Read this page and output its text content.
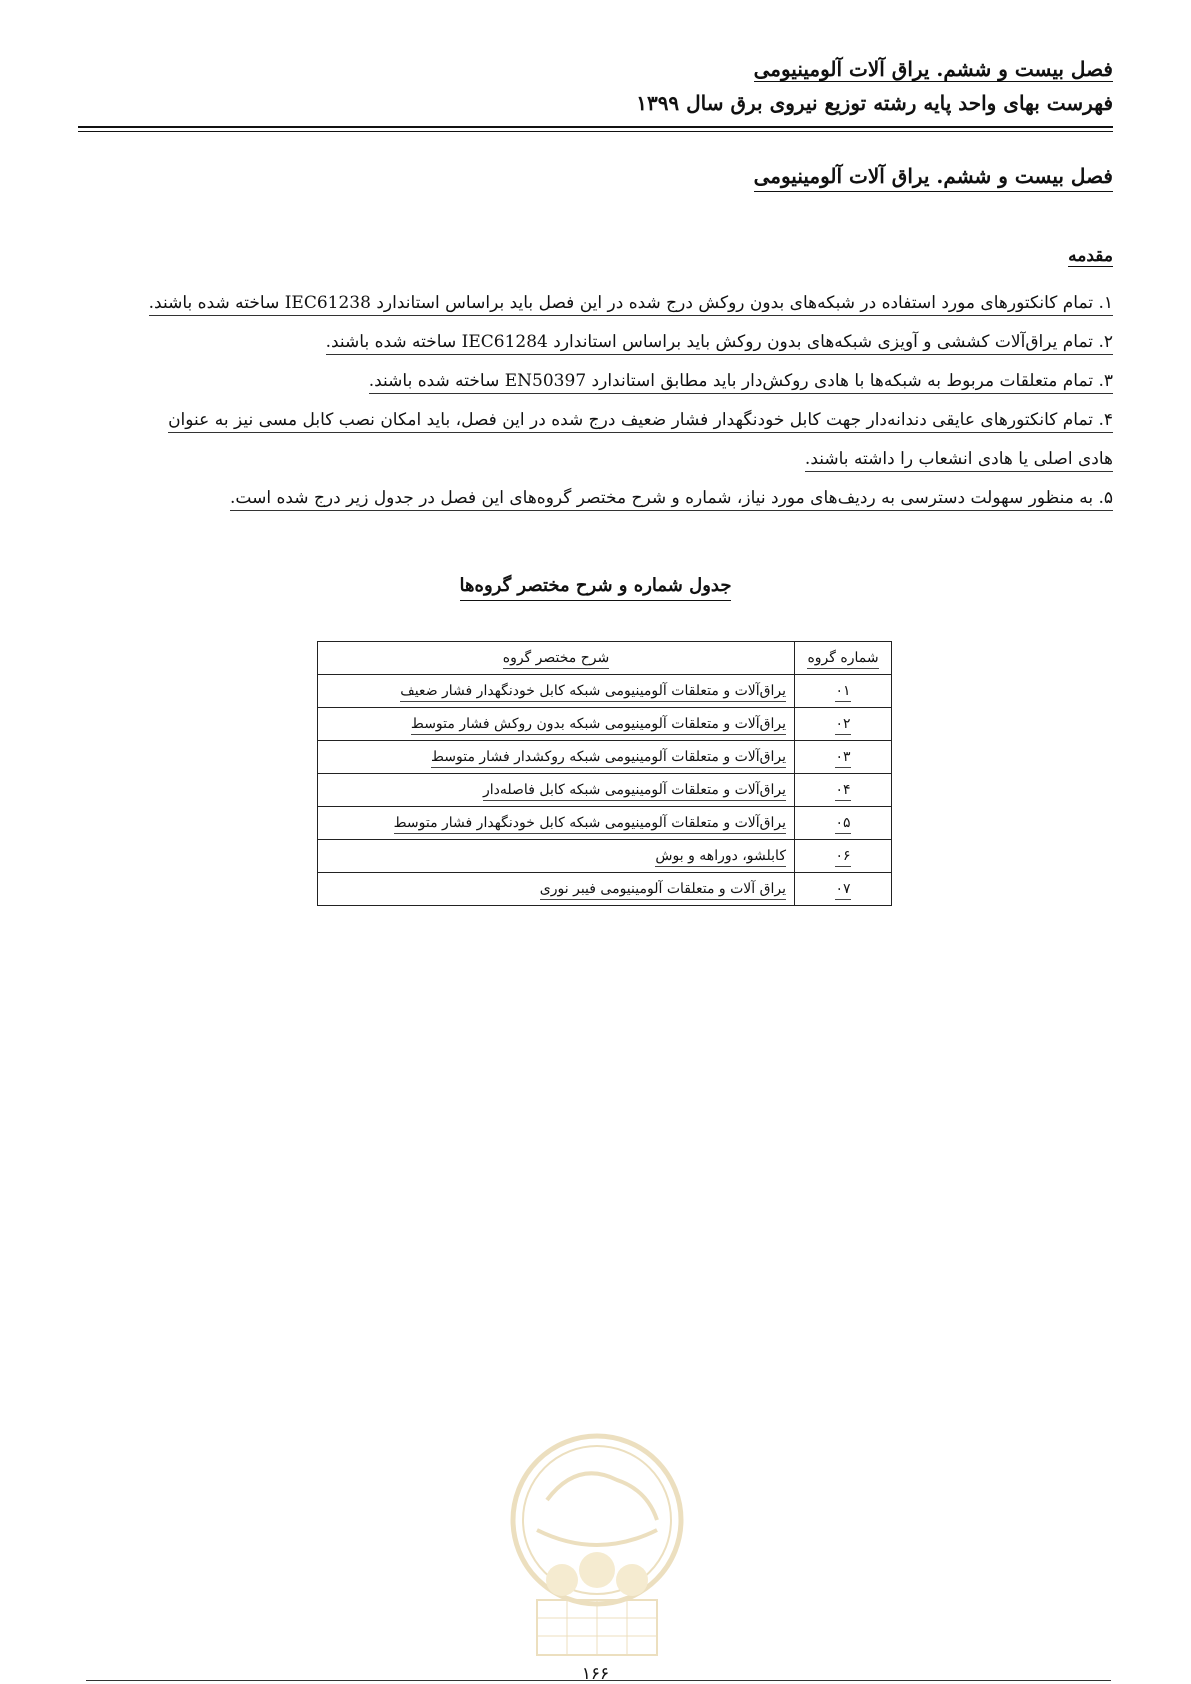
فصل بیست و ششم. یراق آلات آلومینیومی
فهرست بهای واحد پایه رشته توزیع نیروی برق سال ۱۳۹۹
فصل بیست و ششم. یراق آلات آلومینیومی
مقدمه
۱. تمام کانکتورهای مورد استفاده در شبکه‌های بدون روکش درج شده در این فصل باید براساس استاندارد IEC61238 ساخته شده باشند.
۲. تمام یراق‌آلات کششی و آویزی شبکه‌های بدون روکش باید براساس استاندارد IEC61284 ساخته شده باشند.
۳. تمام متعلقات مربوط به شبکه‌ها با هادی روکش‌دار باید مطابق استاندارد EN50397 ساخته شده باشند.
۴. تمام کانکتورهای عایقی دندانه‌دار جهت کابل خودنگهدار فشار ضعیف درج شده در این فصل، باید امکان نصب کابل مسی نیز به عنوان
هادی اصلی یا هادی انشعاب را داشته باشند.
۵. به منظور سهولت دسترسی به ردیف‌های مورد نیاز، شماره و شرح مختصر گروه‌های این فصل در جدول زیر درج شده است.
جدول شماره و شرح مختصر گروه‌ها
شماره گروه	شرح مختصر گروه
۰۱	یراق‌آلات و متعلقات آلومینیومی شبکه کابل خودنگهدار فشار ضعیف
۰۲	یراق‌آلات و متعلقات آلومینیومی شبکه بدون روکش فشار متوسط
۰۳	یراق‌آلات و متعلقات آلومینیومی شبکه روکشدار فشار متوسط
۰۴	یراق‌آلات و متعلقات آلومینیومی شبکه کابل فاصله‌دار
۰۵	یراق‌آلات و متعلقات آلومینیومی شبکه کابل خودنگهدار فشار متوسط
۰۶	کابلشو، دوراهه و بوش
۰۷	یراق آلات و متعلقات آلومینیومی فیبر نوری
۱۶۶
